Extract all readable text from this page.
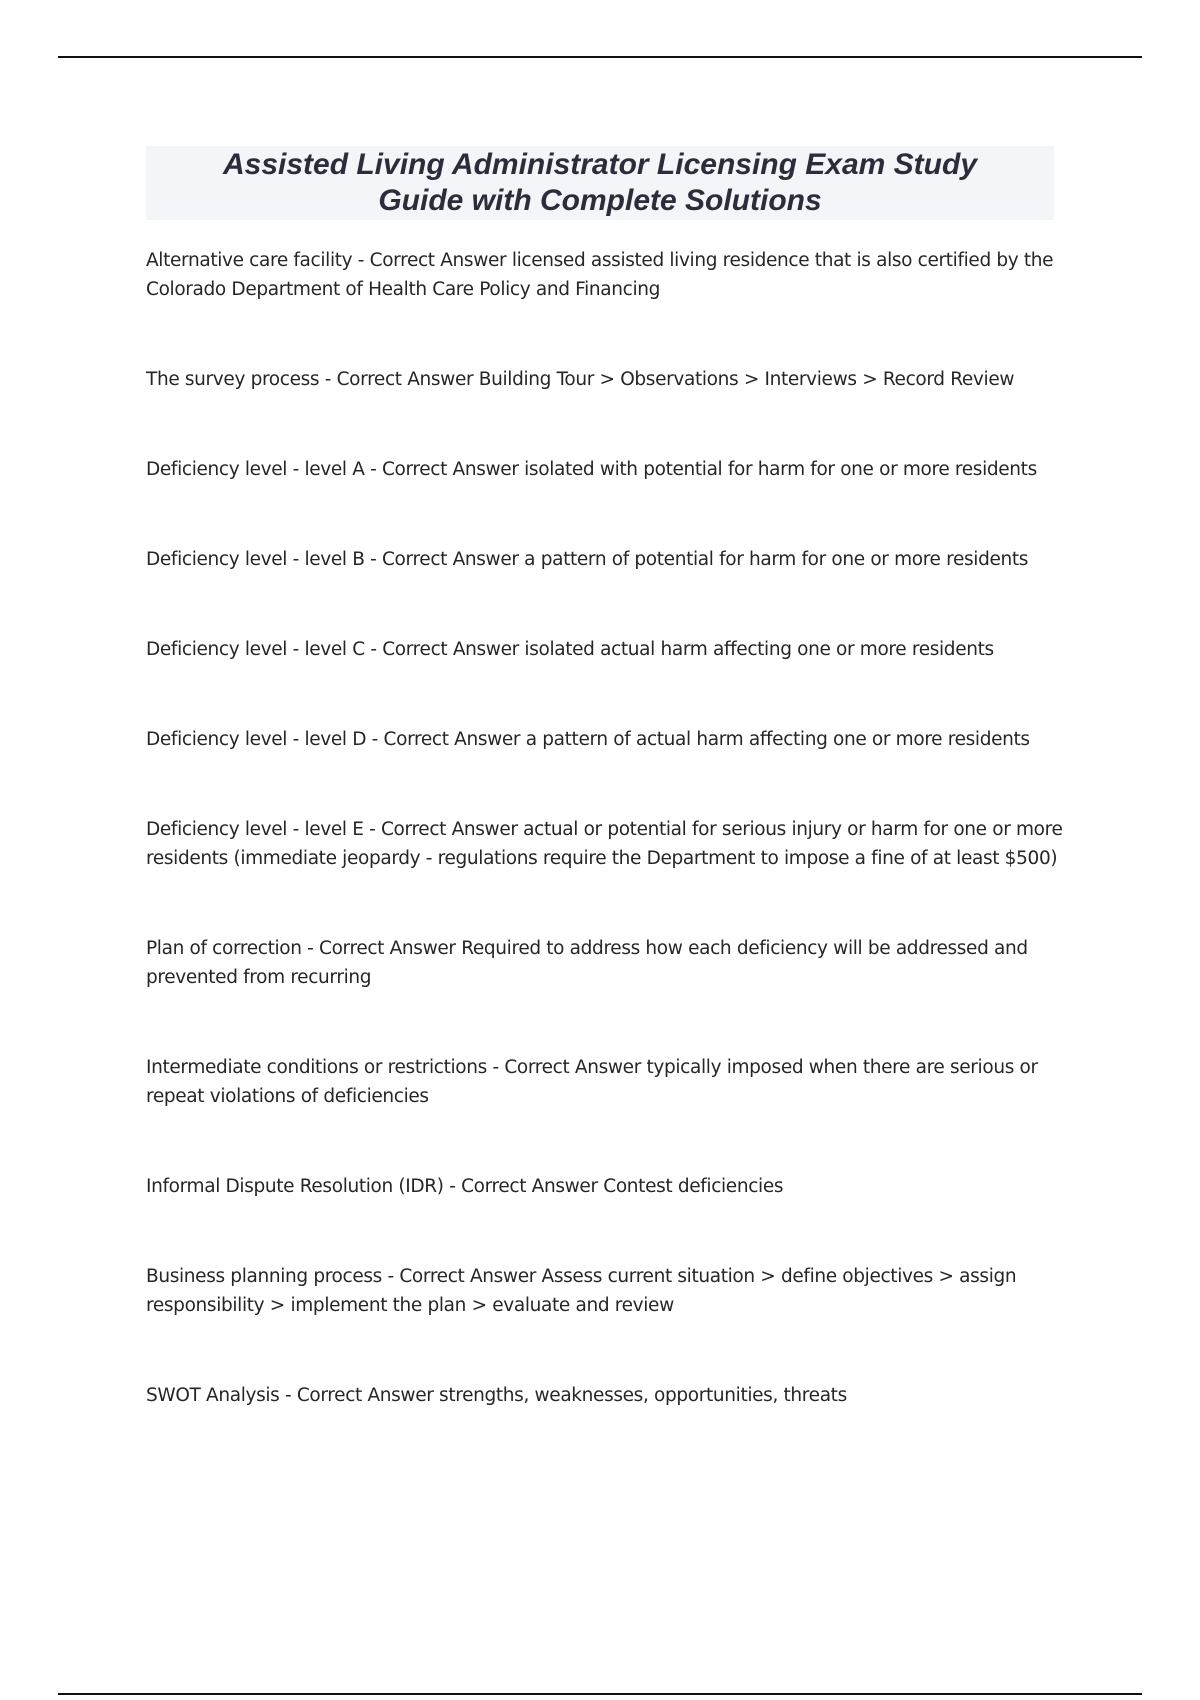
Assisted Living Administrator Licensing Exam Study
Guide with Complete Solutions
Alternative care facility - Correct Answer licensed assisted living residence that is also certified by the Colorado Department of Health Care Policy and Financing
The survey process - Correct Answer Building Tour > Observations > Interviews > Record Review
Deficiency level - level A - Correct Answer isolated with potential for harm for one or more residents
Deficiency level - level B - Correct Answer a pattern of potential for harm for one or more residents
Deficiency level - level C - Correct Answer isolated actual harm affecting one or more residents
Deficiency level - level D - Correct Answer a pattern of actual harm affecting one or more residents
Deficiency level - level E - Correct Answer actual or potential for serious injury or harm for one or more residents (immediate jeopardy - regulations require the Department to impose a fine of at least $500)
Plan of correction - Correct Answer Required to address how each deficiency will be addressed and prevented from recurring
Intermediate conditions or restrictions - Correct Answer typically imposed when there are serious or repeat violations of deficiencies
Informal Dispute Resolution (IDR) - Correct Answer Contest deficiencies
Business planning process - Correct Answer Assess current situation > define objectives > assign responsibility > implement the plan > evaluate and review
SWOT Analysis - Correct Answer strengths, weaknesses, opportunities, threats
